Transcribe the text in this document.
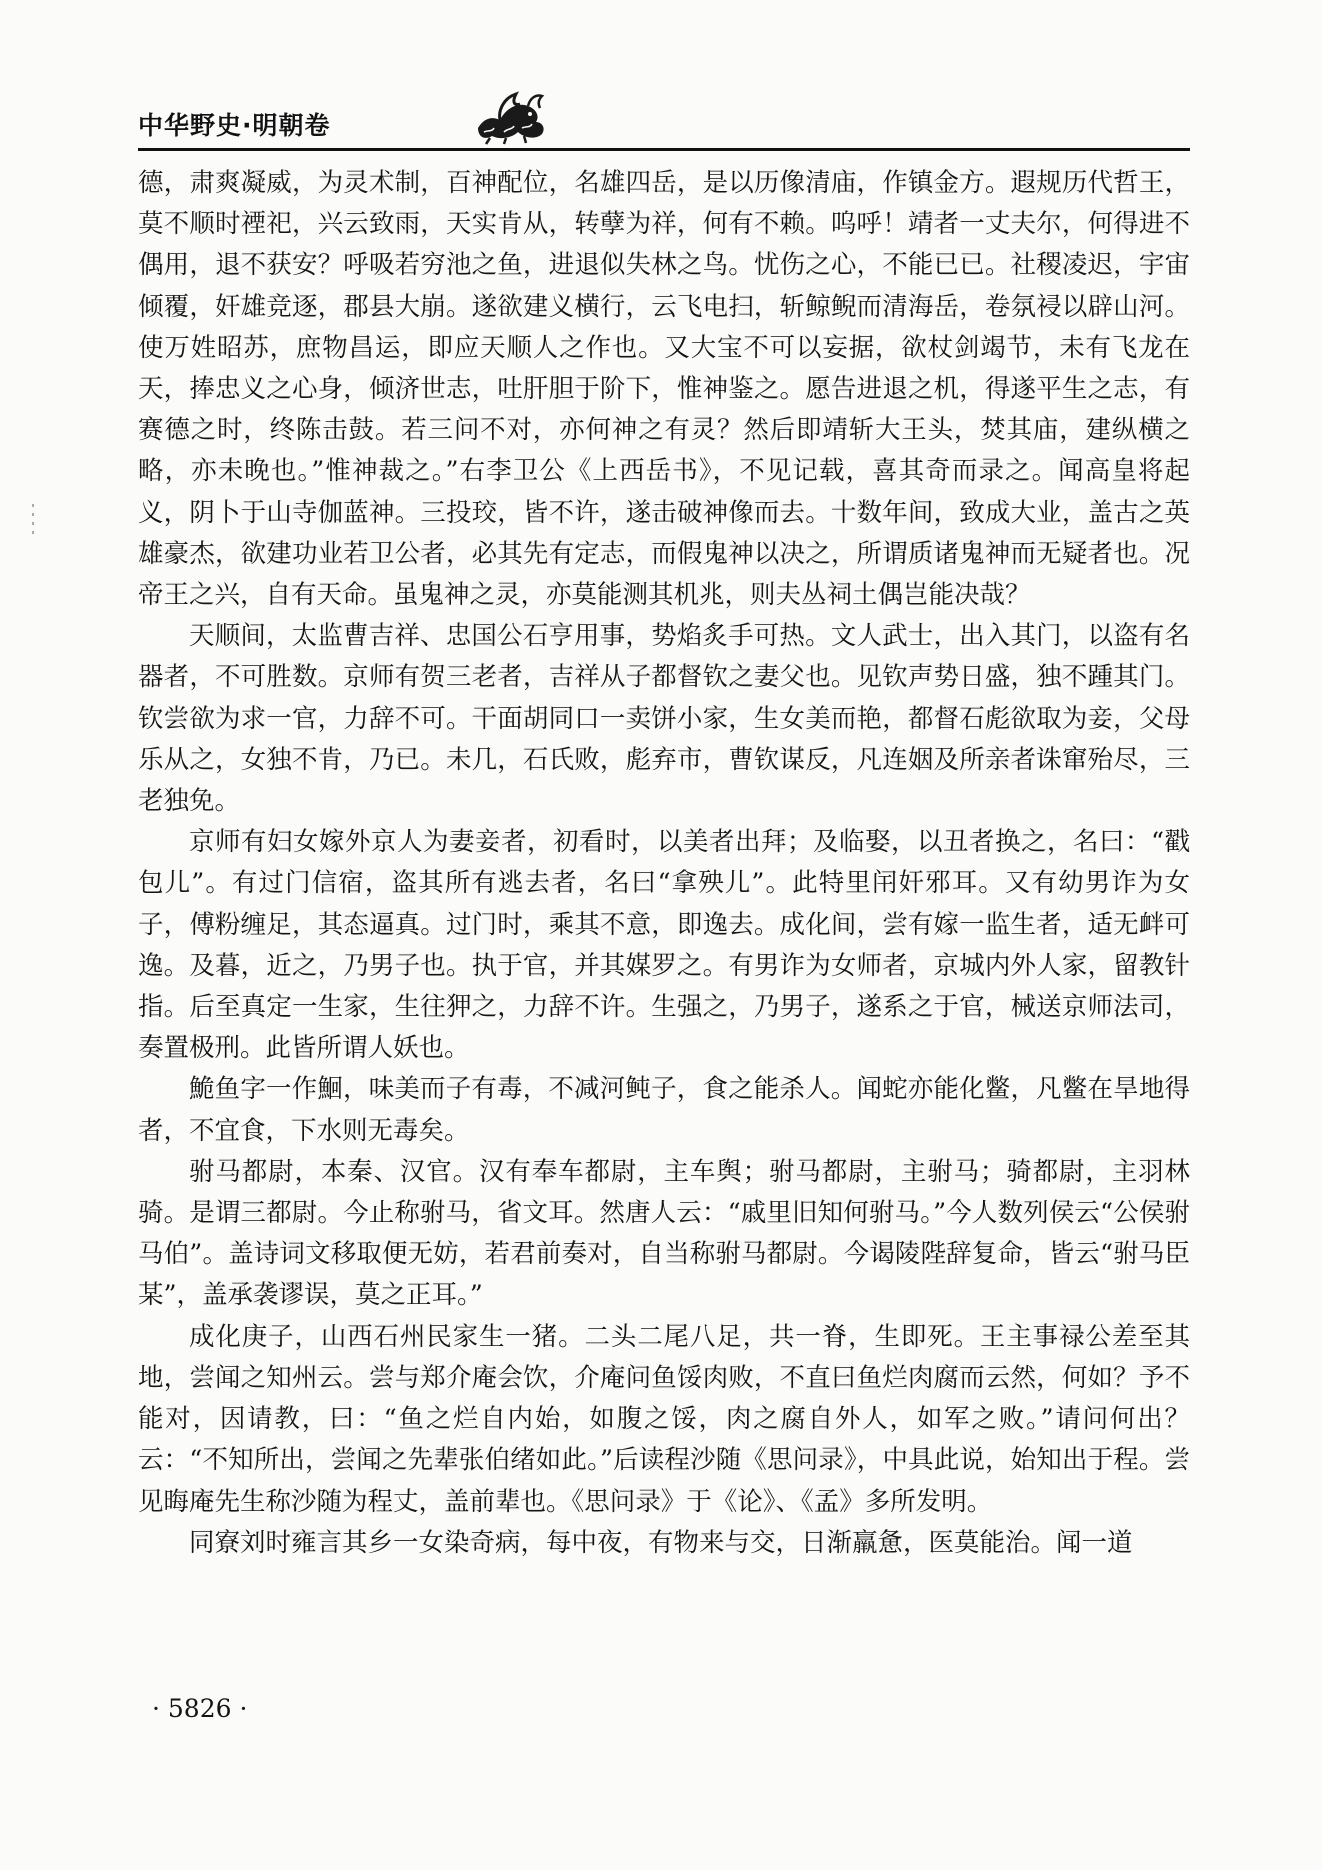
中华野史·明朝卷

德，肃爽凝威，为灵术制，百神配位，名雄四岳，是以历像清庙，作镇金方。遐规历代哲王，莫不顺时禋祀，兴云致雨，天实肯从，转孽为祥，何有不赖。呜呼！靖者一丈夫尔，何得进不偶用，退不获安？呼吸若穷池之鱼，进退似失林之鸟。忧伤之心，不能已已。社稷凌迟，宇宙倾覆，奸雄竞逐，郡县大崩。遂欲建义横行，云飞电扫，斩鲸鲵而清海岳，卷氛祲以辟山河。使万姓昭苏，庶物昌运，即应天顺人之作也。又大宝不可以妄据，欲杖剑竭节，未有飞龙在天，捧忠义之心身，倾济世志，吐肝胆于阶下，惟神鉴之。愿告进退之机，得遂平生之志，有赛德之时，终陈击鼓。若三问不对，亦何神之有灵？然后即靖斩大王头，焚其庙，建纵横之略，亦未晚也。”惟神裁之。”右李卫公《上西岳书》，不见记载，喜其奇而录之。闻高皇将起义，阴卜于山寺伽蓝神。三投珓，皆不许，遂击破神像而去。十数年间，致成大业，盖古之英雄豪杰，欲建功业若卫公者，必其先有定志，而假鬼神以决之，所谓质诸鬼神而无疑者也。况帝王之兴，自有天命。虽鬼神之灵，亦莫能测其机兆，则夫丛祠土偶岂能决哉？

天顺间，太监曹吉祥、忠国公石亨用事，势焰炙手可热。文人武士，出入其门，以盗有名器者，不可胜数。京师有贺三老者，吉祥从子都督钦之妻父也。见钦声势日盛，独不踵其门。钦尝欲为求一官，力辞不可。干面胡同口一卖饼小家，生女美而艳，都督石彪欲取为妾，父母乐从之，女独不肯，乃已。未几，石氏败，彪弃市，曹钦谋反，凡连姻及所亲者诛窜殆尽，三老独免。

京师有妇女嫁外京人为妻妾者，初看时，以美者出拜；及临娶，以丑者换之，名曰：“戳包儿”。有过门信宿，盗其所有逃去者，名曰“拿殃儿”。此特里闬奸邪耳。又有幼男诈为女子，傅粉缠足，其态逼真。过门时，乘其不意，即逸去。成化间，尝有嫁一监生者，适无衅可逸。及暮，近之，乃男子也。执于官，并其媒罗之。有男诈为女师者，京城内外人家，留教针指。后至真定一生家，生往狎之，力辞不许。生强之，乃男子，遂系之于官，械送京师法司，奏置极刑。此皆所谓人妖也。

鮠鱼字一作鮰，味美而子有毒，不减河鲀子，食之能杀人。闻蛇亦能化鳖，凡鳖在旱地得者，不宜食，下水则无毒矣。

驸马都尉，本秦、汉官。汉有奉车都尉，主车舆；驸马都尉，主驸马；骑都尉，主羽林骑。是谓三都尉。今止称驸马，省文耳。然唐人云：“戚里旧知何驸马。”今人数列侯云“公侯驸马伯”。盖诗词文移取便无妨，若君前奏对，自当称驸马都尉。今谒陵陛辞复命，皆云“驸马臣某”，盖承袭谬误，莫之正耳。”

成化庚子，山西石州民家生一猪。二头二尾八足，共一脊，生即死。王主事禄公差至其地，尝闻之知州云。尝与郑介庵会饮，介庵问鱼馁肉败，不直曰鱼烂肉腐而云然，何如？予不能对，因请教，曰：“鱼之烂自内始，如腹之馁，肉之腐自外人，如军之败。”请问何出？云：“不知所出，尝闻之先辈张伯绪如此。”后读程沙随《思问录》，中具此说，始知出于程。尝见晦庵先生称沙随为程丈，盖前辈也。《思问录》于《论》、《孟》多所发明。

同寮刘时雍言其乡一女染奇病，每中夜，有物来与交，日渐羸惫，医莫能治。闻一道

· 5826 ·
